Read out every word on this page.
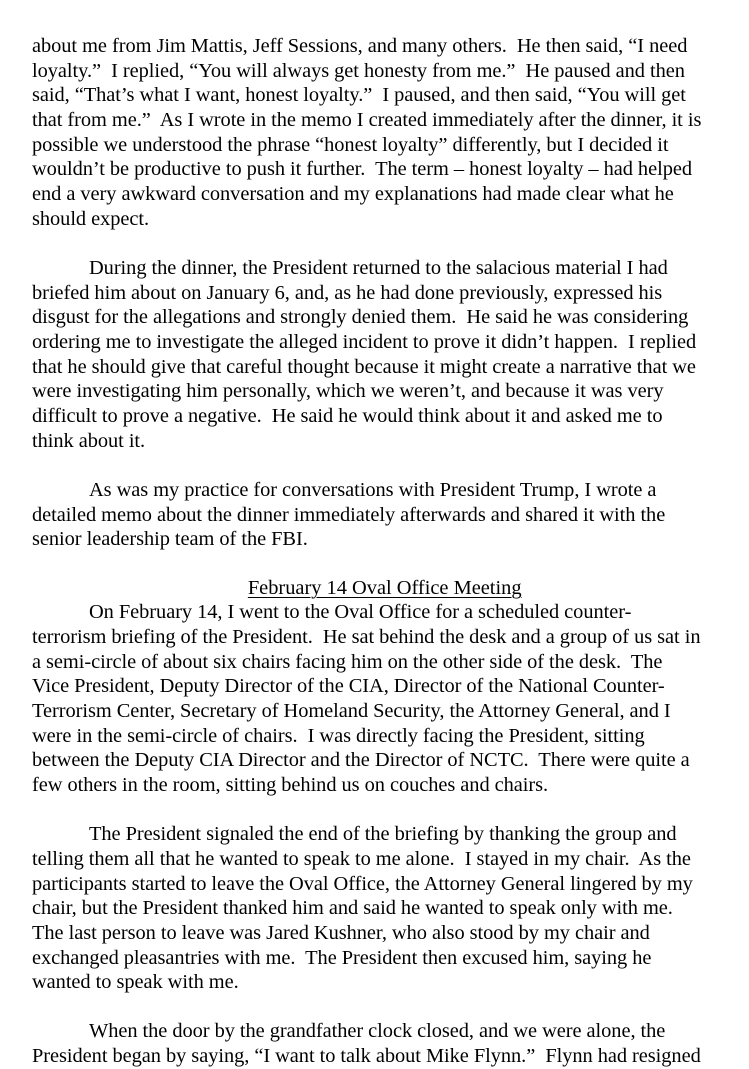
about me from Jim Mattis, Jeff Sessions, and many others.  He then said, “I need
loyalty.”  I replied, “You will always get honesty from me.”  He paused and then
said, “That’s what I want, honest loyalty.”  I paused, and then said, “You will get
that from me.”  As I wrote in the memo I created immediately after the dinner, it is
possible we understood the phrase “honest loyalty” differently, but I decided it
wouldn’t be productive to push it further.  The term – honest loyalty – had helped
end a very awkward conversation and my explanations had made clear what he
should expect.
During the dinner, the President returned to the salacious material I had
briefed him about on January 6, and, as he had done previously, expressed his
disgust for the allegations and strongly denied them.  He said he was considering
ordering me to investigate the alleged incident to prove it didn’t happen.  I replied
that he should give that careful thought because it might create a narrative that we
were investigating him personally, which we weren’t, and because it was very
difficult to prove a negative.  He said he would think about it and asked me to
think about it.
As was my practice for conversations with President Trump, I wrote a
detailed memo about the dinner immediately afterwards and shared it with the
senior leadership team of the FBI.

February 14 Oval Office Meeting

On February 14, I went to the Oval Office for a scheduled counter-
terrorism briefing of the President.  He sat behind the desk and a group of us sat in
a semi-circle of about six chairs facing him on the other side of the desk.  The
Vice President, Deputy Director of the CIA, Director of the National Counter-
Terrorism Center, Secretary of Homeland Security, the Attorney General, and I
were in the semi-circle of chairs.  I was directly facing the President, sitting
between the Deputy CIA Director and the Director of NCTC.  There were quite a
few others in the room, sitting behind us on couches and chairs.
The President signaled the end of the briefing by thanking the group and
telling them all that he wanted to speak to me alone.  I stayed in my chair.  As the
participants started to leave the Oval Office, the Attorney General lingered by my
chair, but the President thanked him and said he wanted to speak only with me.
The last person to leave was Jared Kushner, who also stood by my chair and
exchanged pleasantries with me.  The President then excused him, saying he
wanted to speak with me.
When the door by the grandfather clock closed, and we were alone, the
President began by saying, “I want to talk about Mike Flynn.”  Flynn had resigned
